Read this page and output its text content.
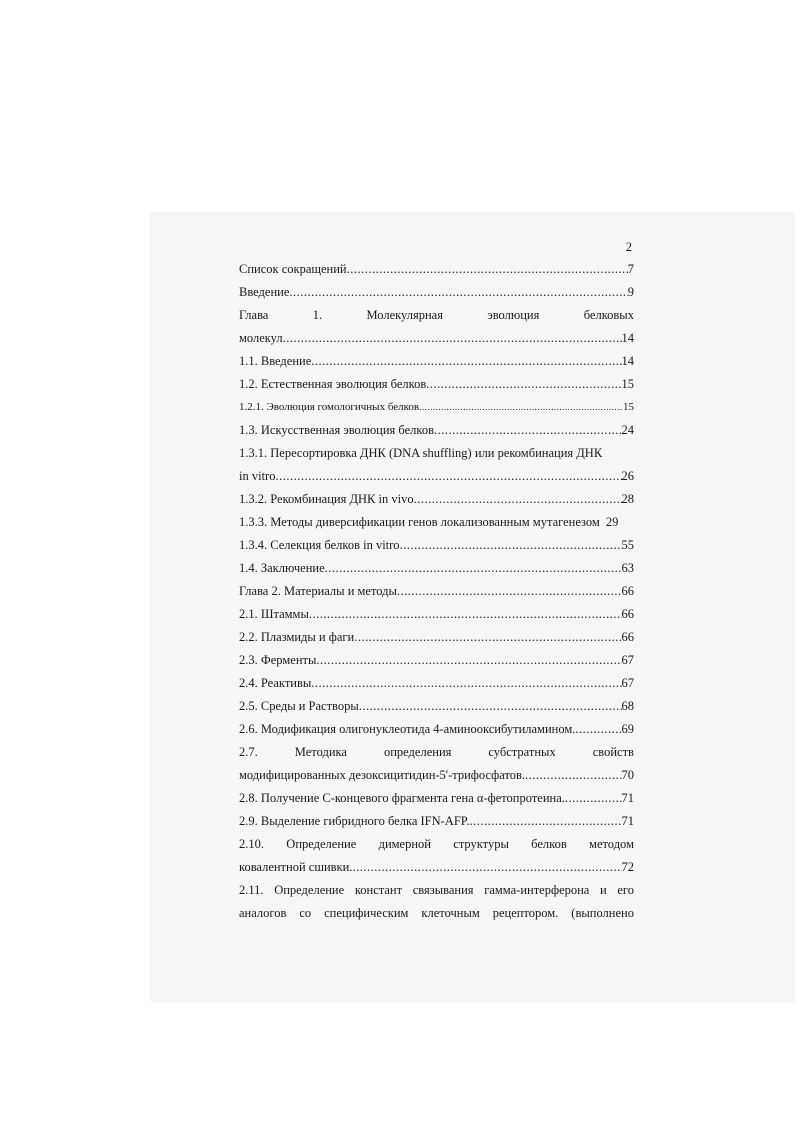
2
Список сокращений .....	7
Введение .....	9
Глава	1.	Молекулярная	эволюция	белковых
молекул .....	14
1.1. Введение .....	14
1.2. Естественная эволюция белков .....	15
1.2.1. Эволюция гомологичных белков .....	15
1.3. Искусственная эволюция белков .....	24
1.3.1. Пересортировка ДНК (DNA shuffling) или рекомбинация ДНК
in vitro .....	26
1.3.2. Рекомбинация ДНК in vivo .....	28
1.3.3. Методы диверсификации генов локализованным мутагенезом 29
1.3.4. Селекция белков in vitro .....	55
1.4. Заключение .....	63
Глава 2. Материалы и методы .....	66
2.1. Штаммы .....	66
2.2. Плазмиды и фаги .....	66
2.3. Ферменты .....	67
2.4. Реактивы .....	67
2.5. Среды и Растворы .....	68
2.6. Модификация олигонуклеотида 4-аминооксибутиламином. .....	69
2.7.	Методика	определения	субстратных	свойств
модифицированных дезоксицитидин-5'-трифосфатов. .....	70
2.8. Получение С-концевого фрагмента гена α-фетопротеина. .....	71
2.9. Выделение гибридного белка IFN-AFP. .....	71
2.10. Определение димерной структуры белков методом
ковалентной сшивки. .....	72
2.11. Определение констант связывания гамма-интерферона и его
аналогов со специфическим клеточным рецептором. (выполнено
